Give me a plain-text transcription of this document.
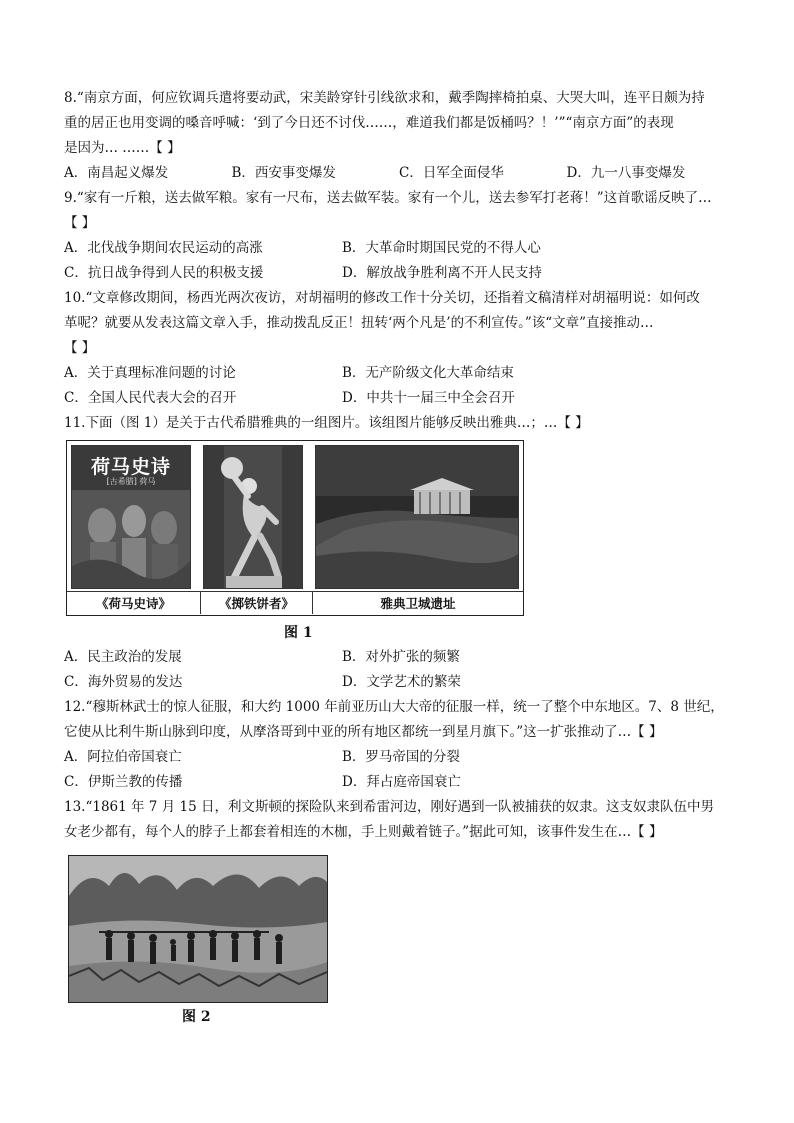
8.“南京方面，何应钦调兵遣将要动武，宋美龄穿针引线欲求和，戴季陶摔椅拍桌、大哭大叫，连平日颇为持
重的居正也用变调的嗓音呼喊：‘到了今日还不讨伐……，难道我们都是饭桶吗？！’”“南京方面”的表现
是因为… ……【 】
A．南昌起义爆发	B．西安事变爆发	C．日军全面侵华	D．九一八事变爆发
9.“家有一斤粮，送去做军粮。家有一尺布，送去做军装。家有一个儿，送去参军打老蒋！”这首歌谣反映了…
【 】
A．北伐战争期间农民运动的高涨	B．大革命时期国民党的不得人心
C．抗日战争得到人民的积极支援	D．解放战争胜利离不开人民支持
10.“文章修改期间，杨西光两次夜访，对胡福明的修改工作十分关切，还指着文稿清样对胡福明说：如何改
革呢？就要从发表这篇文章入手，推动拨乱反正！扭转‘两个凡是’的不利宣传。”该“文章”直接推动…
【 】
A．关于真理标准问题的讨论	B．无产阶级文化大革命结束
C．全国人民代表大会的召开	D．中共十一届三中全会召开
11.下面（图 1）是关于古代希腊雅典的一组图片。该组图片能够反映出雅典…；…【 】
荷马史诗
[古希腊] 荷马
《荷马史诗》	《掷铁饼者》	雅典卫城遗址
图 1
A．民主政治的发展	B．对外扩张的频繁
C．海外贸易的发达	D．文学艺术的繁荣
12.“穆斯林武士的惊人征服，和大约 1000 年前亚历山大大帝的征服一样，统一了整个中东地区。7、8 世纪，
它使从比利牛斯山脉到印度，从摩洛哥到中亚的所有地区都统一到星月旗下。”这一扩张推动了…【 】
A．阿拉伯帝国衰亡	B．罗马帝国的分裂
C．伊斯兰教的传播	D．拜占庭帝国衰亡
13.“1861 年 7 月 15 日，利文斯顿的探险队来到希雷河边，刚好遇到一队被捕获的奴隶。这支奴隶队伍中男
女老少都有，每个人的脖子上都套着相连的木枷，手上则戴着链子。”据此可知，该事件发生在…【 】
图 2
